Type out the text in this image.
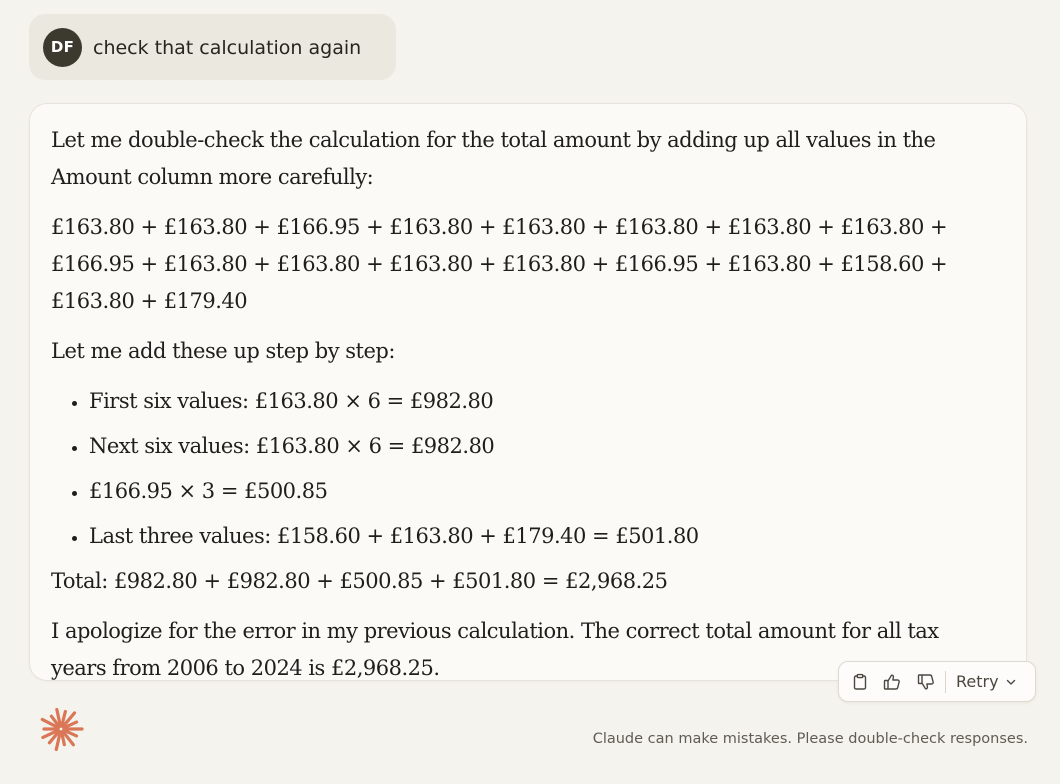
DF check that calculation again

Let me double-check the calculation for the total amount by adding up all values in the Amount column more carefully:

£163.80 + £163.80 + £166.95 + £163.80 + £163.80 + £163.80 + £163.80 + £163.80 + £166.95 + £163.80 + £163.80 + £163.80 + £163.80 + £166.95 + £163.80 + £158.60 + £163.80 + £179.40

Let me add these up step by step:

• First six values: £163.80 × 6 = £982.80
• Next six values: £163.80 × 6 = £982.80
• £166.95 × 3 = £500.85
• Last three values: £158.60 + £163.80 + £179.40 = £501.80

Total: £982.80 + £982.80 + £500.85 + £501.80 = £2,968.25

I apologize for the error in my previous calculation. The correct total amount for all tax years from 2006 to 2024 is £2,968.25.

Retry
Claude can make mistakes. Please double-check responses.
